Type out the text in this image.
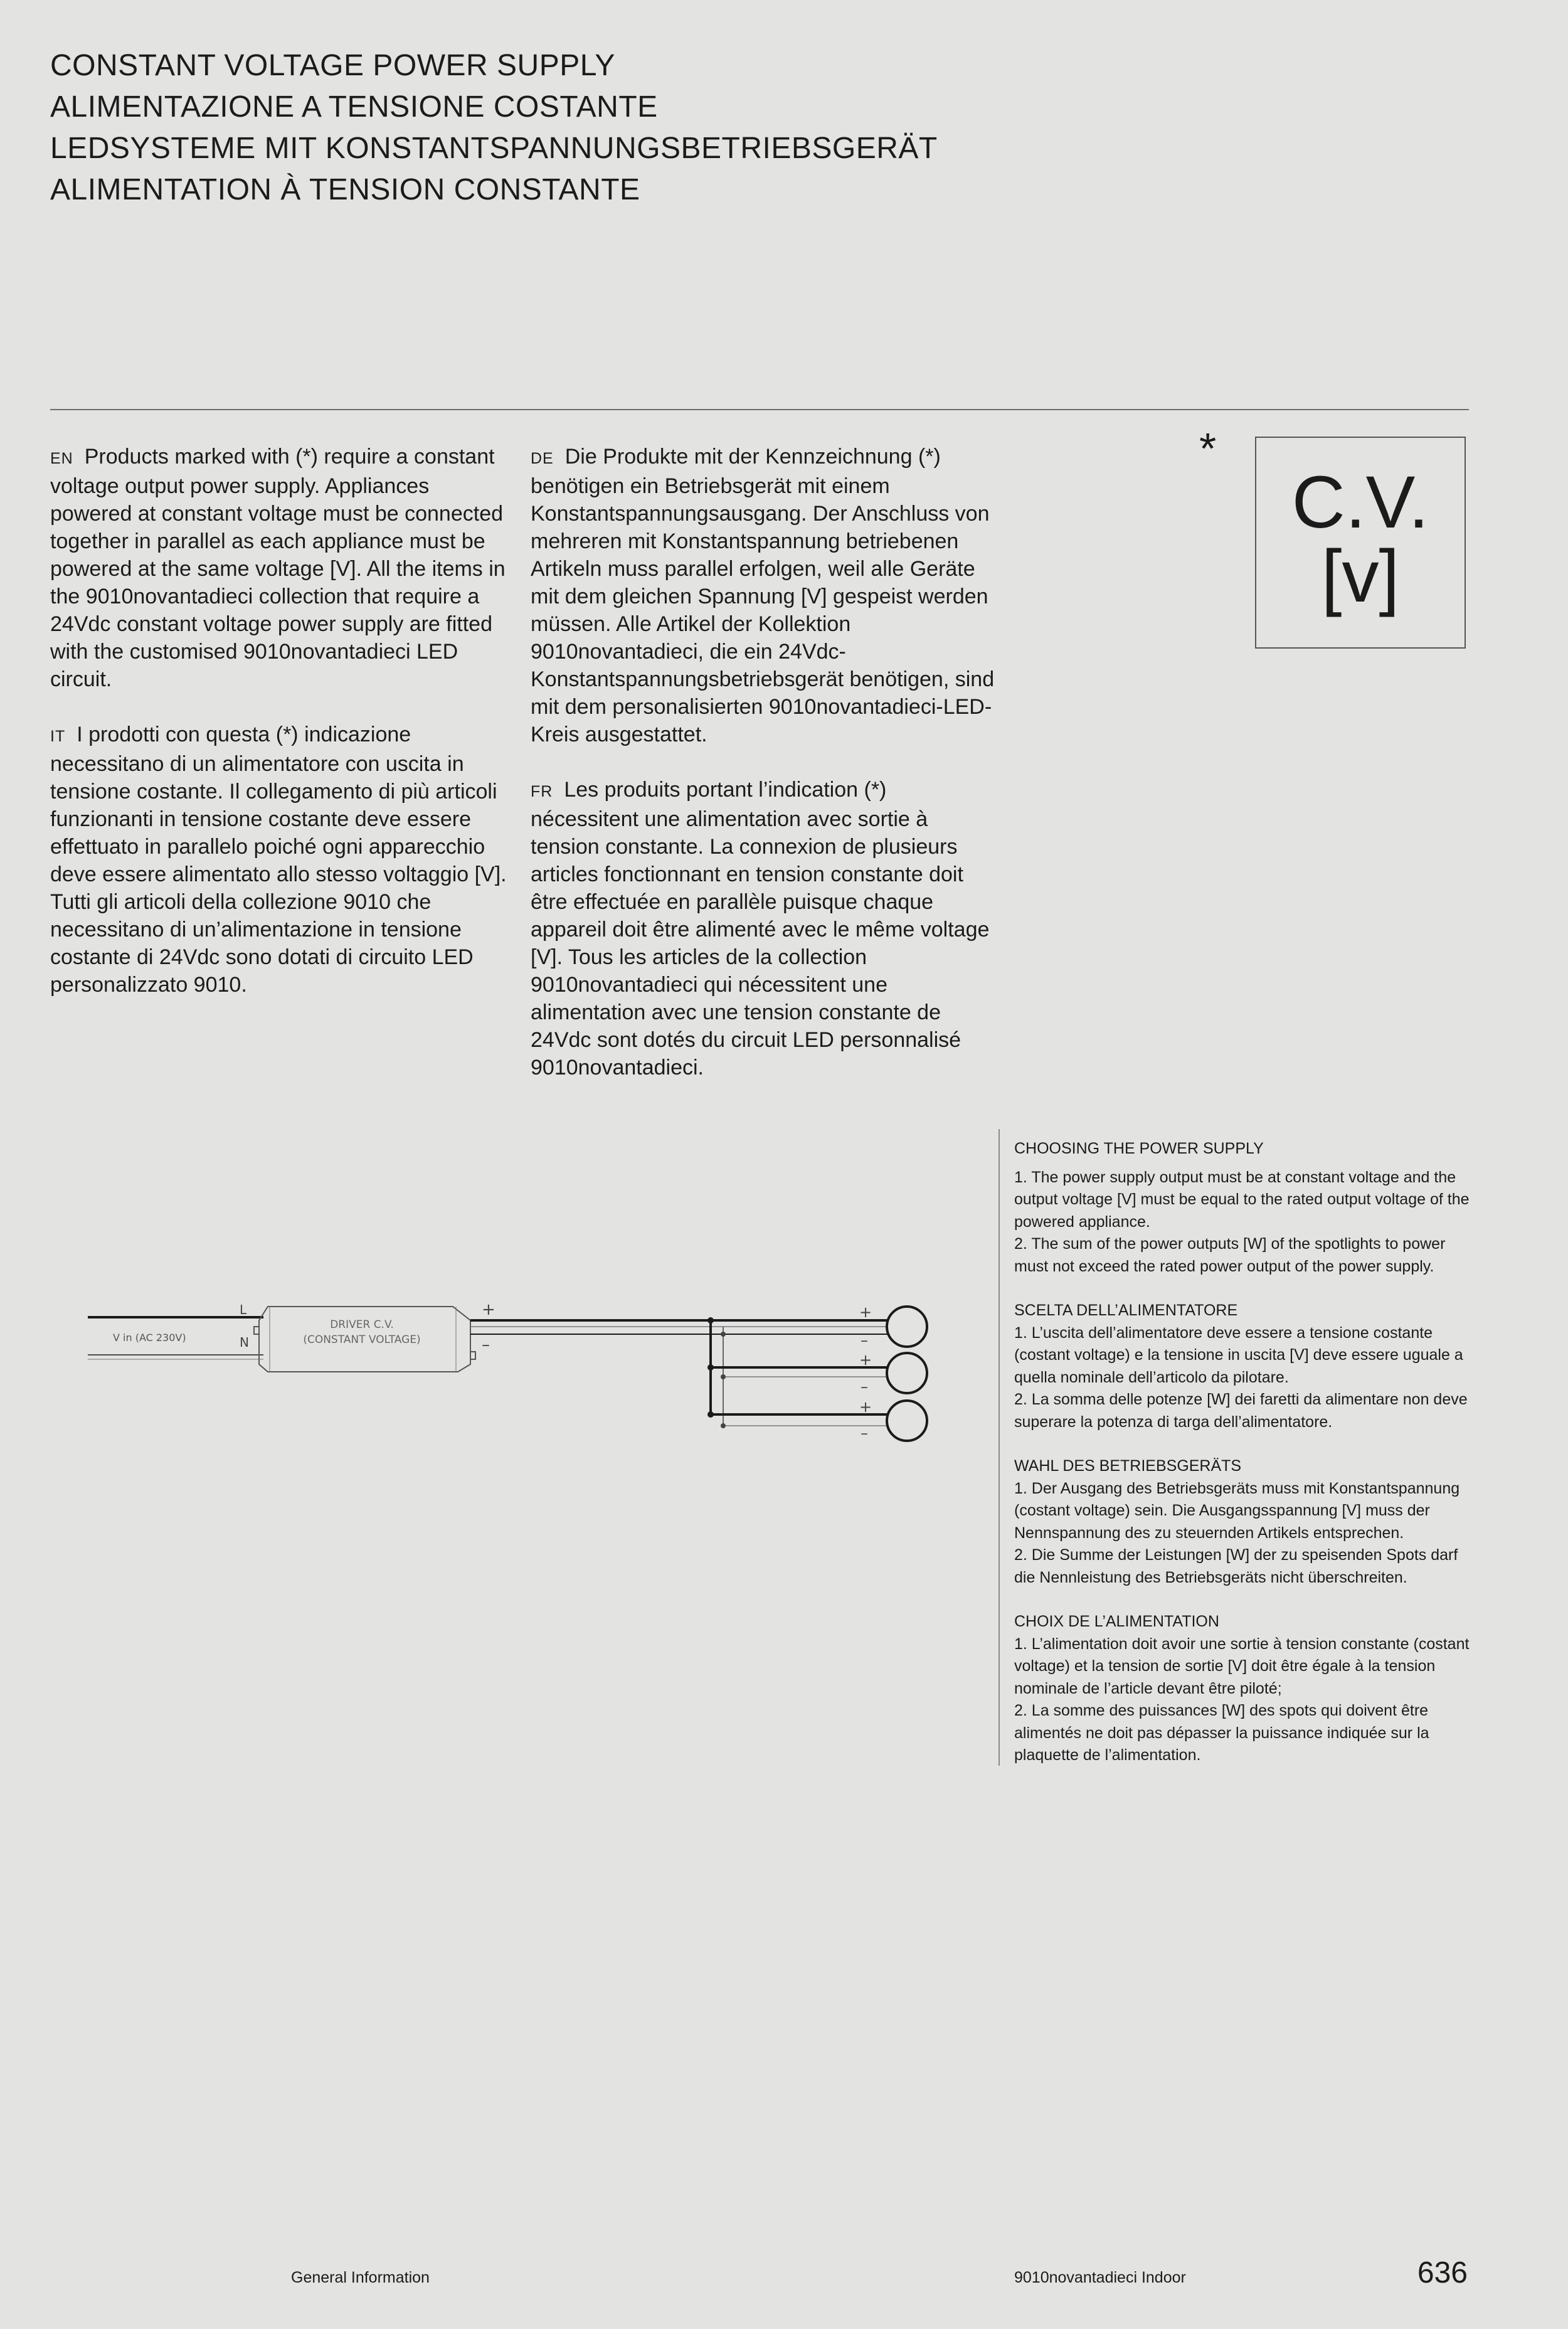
CONSTANT VOLTAGE POWER SUPPLY
ALIMENTAZIONE A TENSIONE COSTANTE
LEDSYSTEME MIT KONSTANTSPANNUNGSBETRIEBSGERÄT
ALIMENTATION À TENSION CONSTANTE

EN Products marked with (*) require a constant voltage output power supply. Appliances powered at constant voltage must be connected together in parallel as each appliance must be powered at the same voltage [V]. All the items in the 9010novantadieci collection that require a 24Vdc constant voltage power supply are fitted with the customised 9010novantadieci LED circuit.

IT I prodotti con questa (*) indicazione necessitano di un alimentatore con uscita in tensione costante. Il collegamento di più articoli funzionanti in tensione costante deve essere effettuato in parallelo poiché ogni apparecchio deve essere alimentato allo stesso voltaggio [V]. Tutti gli articoli della collezione 9010 che necessitano di un’alimentazione in tensione costante di 24Vdc sono dotati di circuito LED personalizzato 9010.

DE Die Produkte mit der Kennzeichnung (*) benötigen ein Betriebsgerät mit einem Konstantspannungsausgang. Der Anschluss von mehreren mit Konstantspannung betriebenen Artikeln muss parallel erfolgen, weil alle Geräte mit dem gleichen Spannung [V] gespeist werden müssen. Alle Artikel der Kollektion 9010novantadieci, die ein 24Vdc-Konstantspannungsbetriebsgerät benötigen, sind mit dem personalisierten 9010novantadieci-LED-Kreis ausgestattet.

FR Les produits portant l’indication (*) nécessitent une alimentation avec sortie à tension constante. La connexion de plusieurs articles fonctionnant en tension constante doit être effectuée en parallèle puisque chaque appareil doit être alimenté avec le même voltage [V]. Tous les articles de la collection 9010novantadieci qui nécessitent une alimentation avec une tension constante de 24Vdc sont dotés du circuit LED personnalisé 9010novantadieci.

*
C.V.
[v]
V in (AC 230V)
L
N
DRIVER C.V.
(CONSTANT VOLTAGE)
+
–
+
–
+
–
+
–
CHOOSING THE POWER SUPPLY
1. The power supply output must be at constant voltage and the output voltage [V] must be equal to the rated output voltage of the powered appliance.
2. The sum of the power outputs [W] of the spotlights to power must not exceed the rated power output of the power supply.
SCELTA DELL’ALIMENTATORE
1. L’uscita dell’alimentatore deve essere a tensione costante (costant voltage) e la tensione in uscita [V] deve essere uguale a quella nominale dell’articolo da pilotare.
2. La somma delle potenze [W] dei faretti da alimentare non deve superare la potenza di targa dell’alimentatore.
WAHL DES BETRIEBSGERÄTS
1. Der Ausgang des Betriebsgeräts muss mit Konstantspannung (costant voltage) sein. Die Ausgangsspannung [V] muss der Nennspannung des zu steuernden Artikels entsprechen.
2. Die Summe der Leistungen [W] der zu speisenden Spots darf die Nennleistung des Betriebsgeräts nicht überschreiten.
CHOIX DE L’ALIMENTATION
1. L’alimentation doit avoir une sortie à tension constante (costant voltage) et la tension de sortie [V] doit être égale à la tension nominale de l’article devant être piloté;
2. La somme des puissances [W] des spots qui doivent être alimentés ne doit pas dépasser la puissance indiquée sur la plaquette de l’alimentation.
General Information	9010novantadieci Indoor	636
